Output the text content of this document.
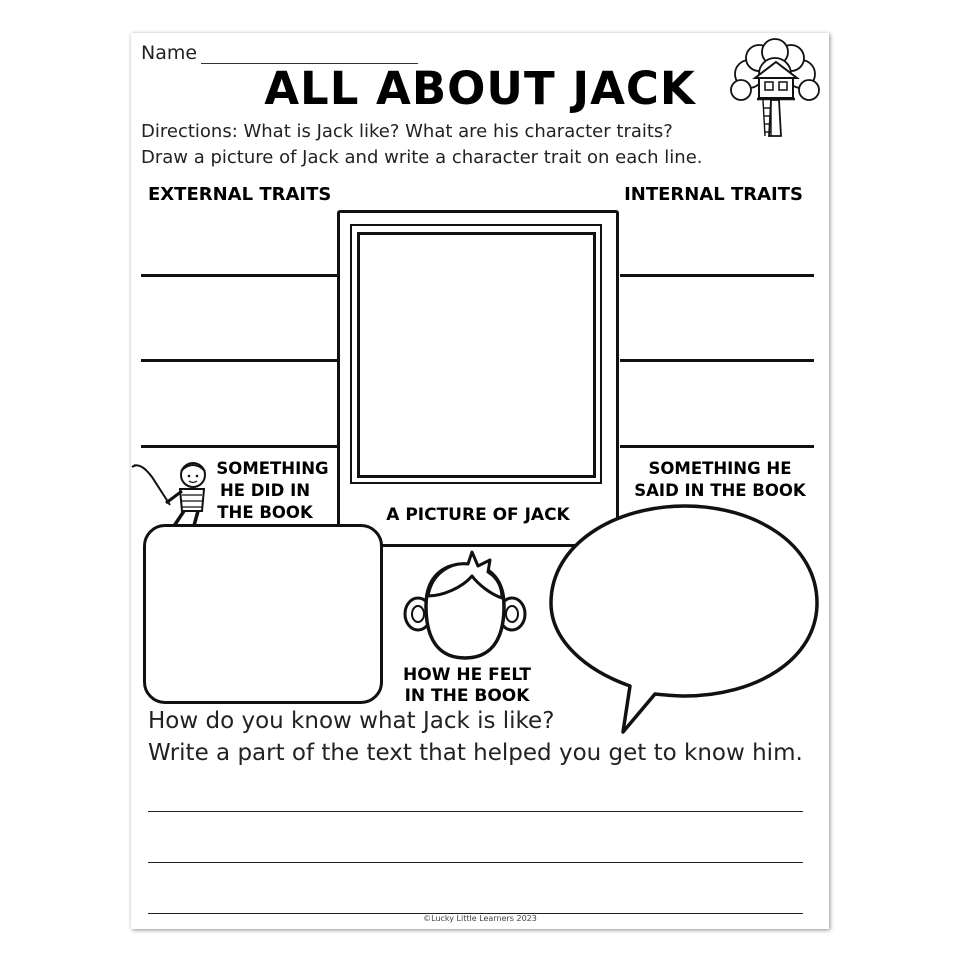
Name
ALL ABOUT JACK
Directions: What is Jack like? What are his character traits?
Draw a picture of Jack and write a character trait on each line.
EXTERNAL TRAITS	INTERNAL TRAITS
A PICTURE OF JACK
SOMETHING
HE DID IN
THE BOOK
SOMETHING HE
SAID IN THE BOOK
HOW HE FELT
IN THE BOOK
How do you know what Jack is like?
Write a part of the text that helped you get to know him.
©Lucky Little Learners 2023
